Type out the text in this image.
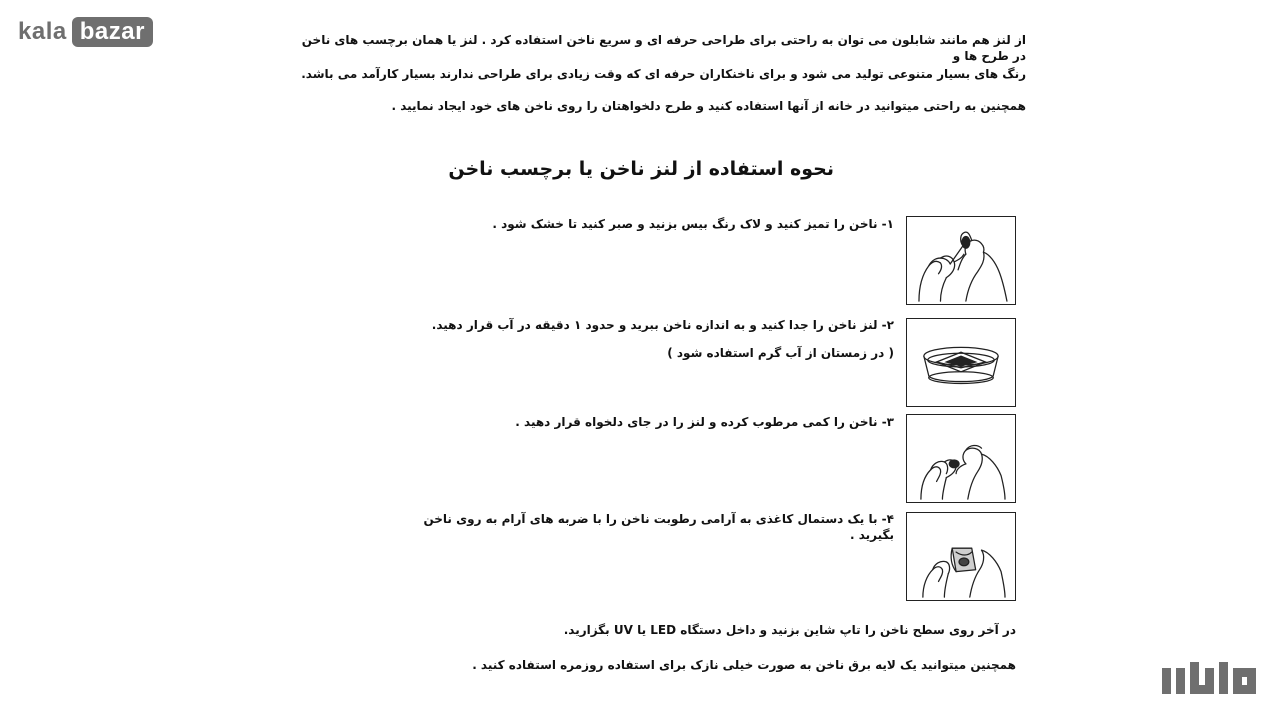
kala bazar	از لنز هم مانند شابلون می توان به راحتی برای طراحی حرفه ای و سریع ناخن استفاده کرد . لنز یا همان برچسب های ناخن در طرح ها و
رنگ های بسیار متنوعی تولید می شود و برای ناخنکاران حرفه ای که وقت زیادی برای طراحی ندارند بسیار کارآمد می باشد.
همچنین به راحتی میتوانید در خانه از آنها استفاده کنید و طرح دلخواهتان را روی ناخن های خود ایجاد نمایید .
نحوه استفاده از لنز ناخن یا برچسب ناخن
۱- ناخن را تمیز کنید و لاک رنگ بیس بزنید و صبر کنید تا خشک شود .
۲- لنز ناخن را جدا کنید و به اندازه ناخن ببرید و حدود ۱ دقیقه در آب قرار دهید.
( در زمستان از آب گرم استفاده شود )
۳- ناخن را کمی مرطوب کرده و لنز را در جای دلخواه قرار دهید .
۴- با یک دستمال کاغذی به آرامی رطوبت ناخن را با ضربه های آرام به روی ناخن بگیرید .
در آخر روی سطح ناخن را تاپ شاین بزنید و داخل دستگاه LED یا UV بگزارید.
همچنین میتوانید یک لایه برق ناخن به صورت خیلی نازک برای استفاده روزمره استفاده کنید .
